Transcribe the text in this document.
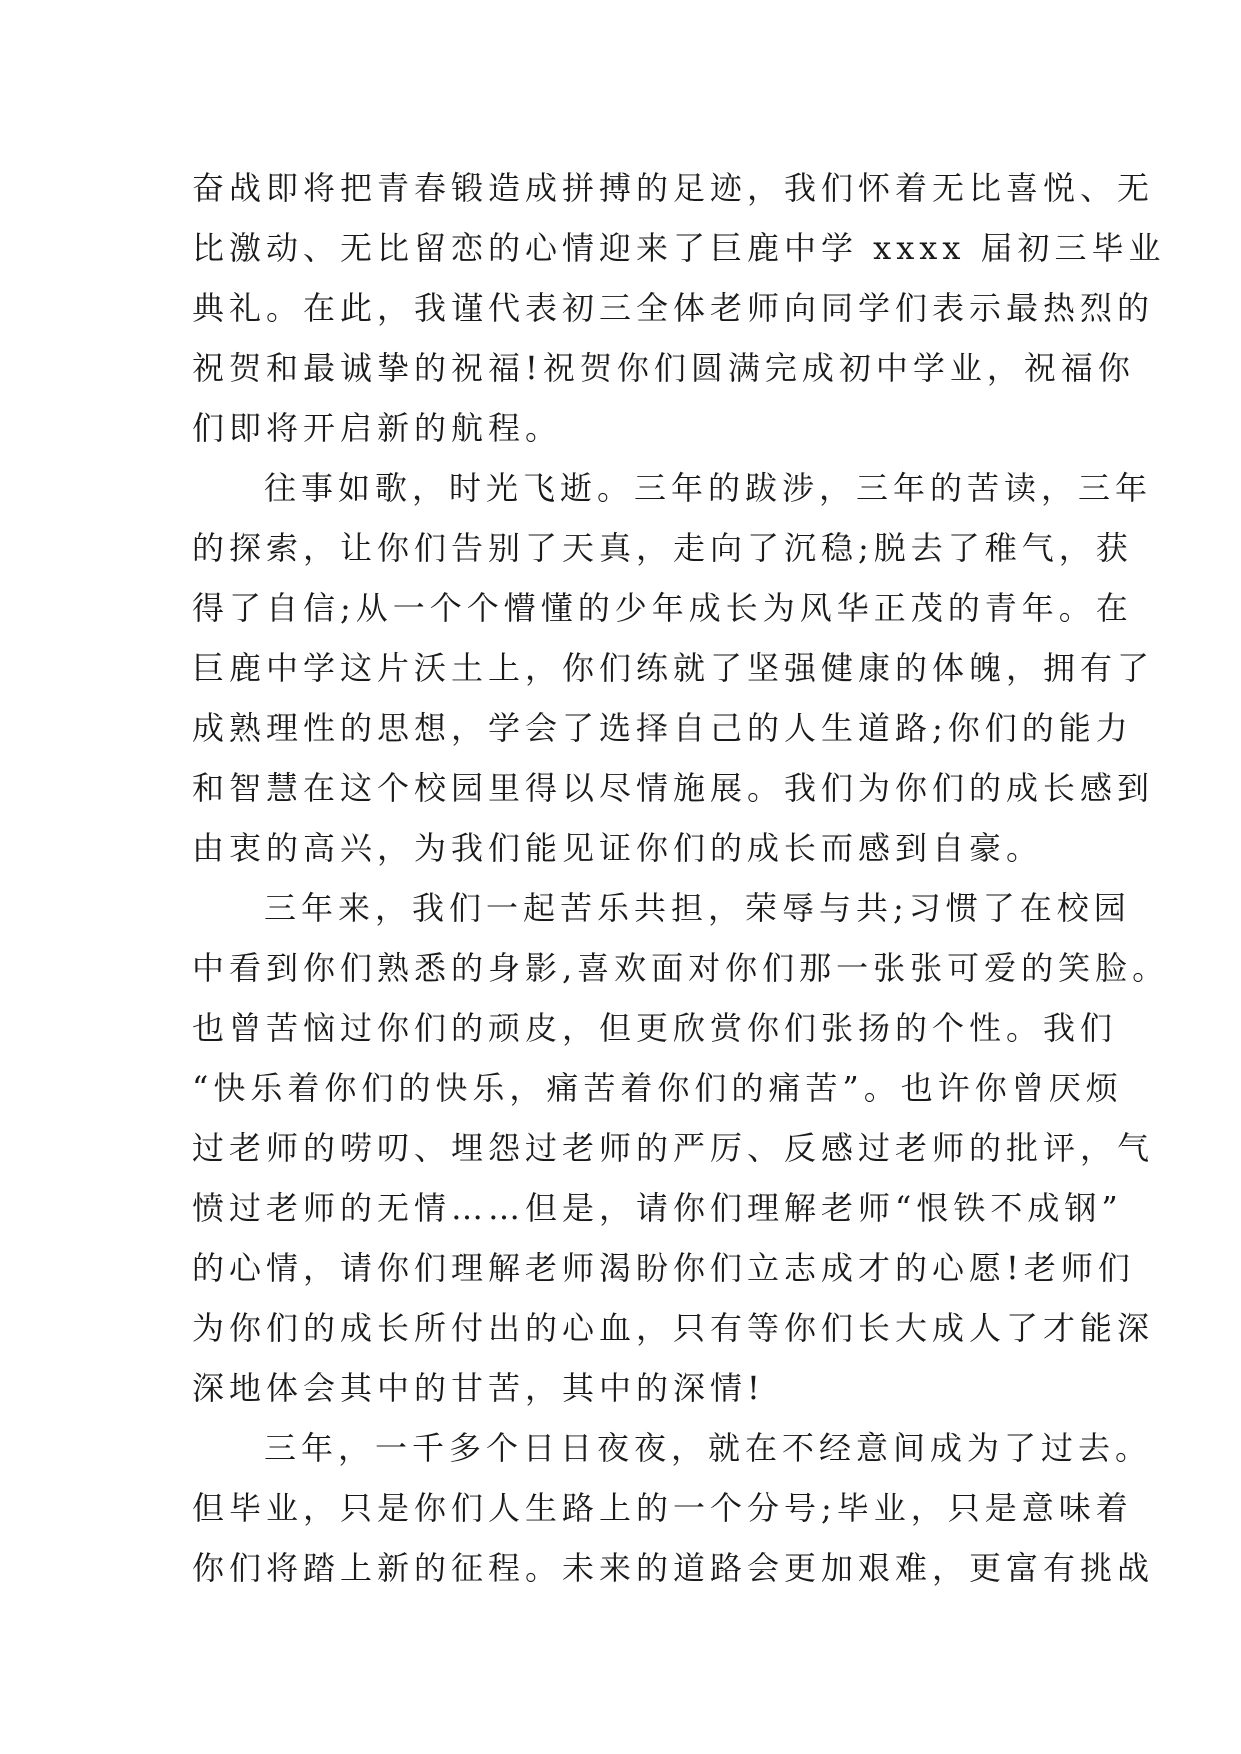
奋战即将把青春锻造成拼搏的足迹，我们怀着无比喜悦、无
比激动、无比留恋的心情迎来了巨鹿中学 xxxx 届初三毕业
典礼。在此，我谨代表初三全体老师向同学们表示最热烈的
祝贺和最诚挚的祝福!祝贺你们圆满完成初中学业，祝福你
们即将开启新的航程。
往事如歌，时光飞逝。三年的跋涉，三年的苦读，三年
的探索，让你们告别了天真，走向了沉稳;脱去了稚气，获
得了自信;从一个个懵懂的少年成长为风华正茂的青年。在
巨鹿中学这片沃土上，你们练就了坚强健康的体魄，拥有了
成熟理性的思想，学会了选择自己的人生道路;你们的能力
和智慧在这个校园里得以尽情施展。我们为你们的成长感到
由衷的高兴，为我们能见证你们的成长而感到自豪。
三年来，我们一起苦乐共担，荣辱与共;习惯了在校园
中看到你们熟悉的身影,喜欢面对你们那一张张可爱的笑脸。
也曾苦恼过你们的顽皮，但更欣赏你们张扬的个性。我们
“快乐着你们的快乐，痛苦着你们的痛苦”。也许你曾厌烦
过老师的唠叨、埋怨过老师的严厉、反感过老师的批评，气
愤过老师的无情……但是，请你们理解老师“恨铁不成钢”
的心情，请你们理解老师渴盼你们立志成才的心愿!老师们
为你们的成长所付出的心血，只有等你们长大成人了才能深
深地体会其中的甘苦，其中的深情!
三年，一千多个日日夜夜，就在不经意间成为了过去。
但毕业，只是你们人生路上的一个分号;毕业，只是意味着
你们将踏上新的征程。未来的道路会更加艰难，更富有挑战
